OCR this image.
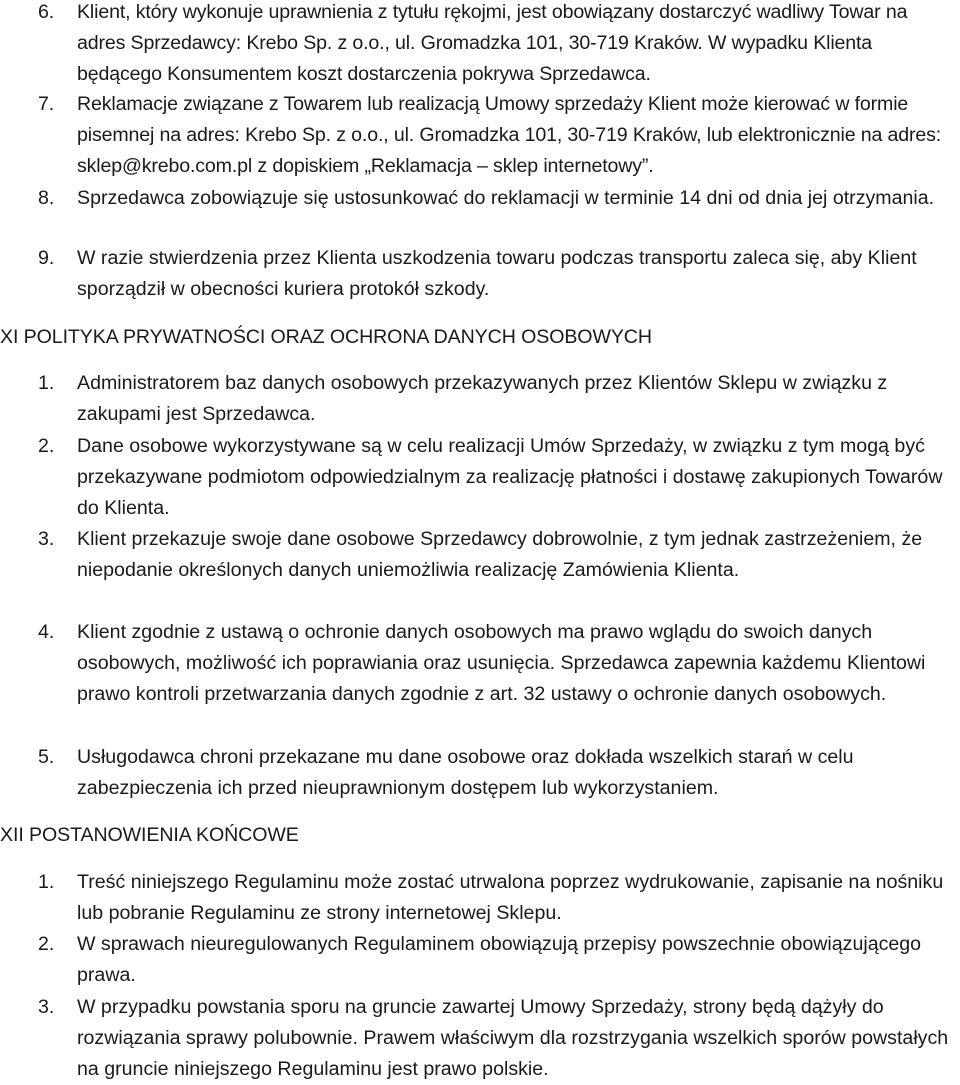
6. Klient, który wykonuje uprawnienia z tytułu rękojmi, jest obowiązany dostarczyć wadliwy Towar na adres Sprzedawcy: Krebo Sp. z o.o., ul. Gromadzka 101, 30-719 Kraków. W wypadku Klienta będącego Konsumentem koszt dostarczenia pokrywa Sprzedawca.
7. Reklamacje związane z Towarem lub realizacją Umowy sprzedaży Klient może kierować w formie pisemnej na adres: Krebo Sp. z o.o., ul. Gromadzka 101, 30-719 Kraków, lub elektronicznie na adres: sklep@krebo.com.pl z dopiskiem „Reklamacja – sklep internetowy”.
8. Sprzedawca zobowiązuje się ustosunkować do reklamacji w terminie 14 dni od dnia jej otrzymania.
9. W razie stwierdzenia przez Klienta uszkodzenia towaru podczas transportu zaleca się, aby Klient sporządził w obecności kuriera protokół szkody.
XI POLITYKA PRYWATNOŚCI ORAZ OCHRONA DANYCH OSOBOWYCH
1. Administratorem baz danych osobowych przekazywanych przez Klientów Sklepu w związku z zakupami jest Sprzedawca.
2. Dane osobowe wykorzystywane są w celu realizacji Umów Sprzedaży, w związku z tym mogą być przekazywane podmiotom odpowiedzialnym za realizację płatności i dostawę zakupionych Towarów do Klienta.
3. Klient przekazuje swoje dane osobowe Sprzedawcy dobrowolnie, z tym jednak zastrzeżeniem, że niepodanie określonych danych uniemożliwia realizację Zamówienia Klienta.
4. Klient zgodnie z ustawą o ochronie danych osobowych ma prawo wglądu do swoich danych osobowych, możliwość ich poprawiania oraz usunięcia. Sprzedawca zapewnia każdemu Klientowi prawo kontroli przetwarzania danych zgodnie z art. 32 ustawy o ochronie danych osobowych.
5. Usługodawca chroni przekazane mu dane osobowe oraz dokłada wszelkich starań w celu zabezpieczenia ich przed nieuprawnionym dostępem lub wykorzystaniem.
XII POSTANOWIENIA KOŃCOWE
1. Treść niniejszego Regulaminu może zostać utrwalona poprzez wydrukowanie, zapisanie na nośniku lub pobranie Regulaminu ze strony internetowej Sklepu.
2. W sprawach nieuregulowanych Regulaminem obowiązują przepisy powszechnie obowiązującego prawa.
3. W przypadku powstania sporu na gruncie zawartej Umowy Sprzedaży, strony będą dążyły do rozwiązania sprawy polubownie. Prawem właściwym dla rozstrzygania wszelkich sporów powstałych na gruncie niniejszego Regulaminu jest prawo polskie.
